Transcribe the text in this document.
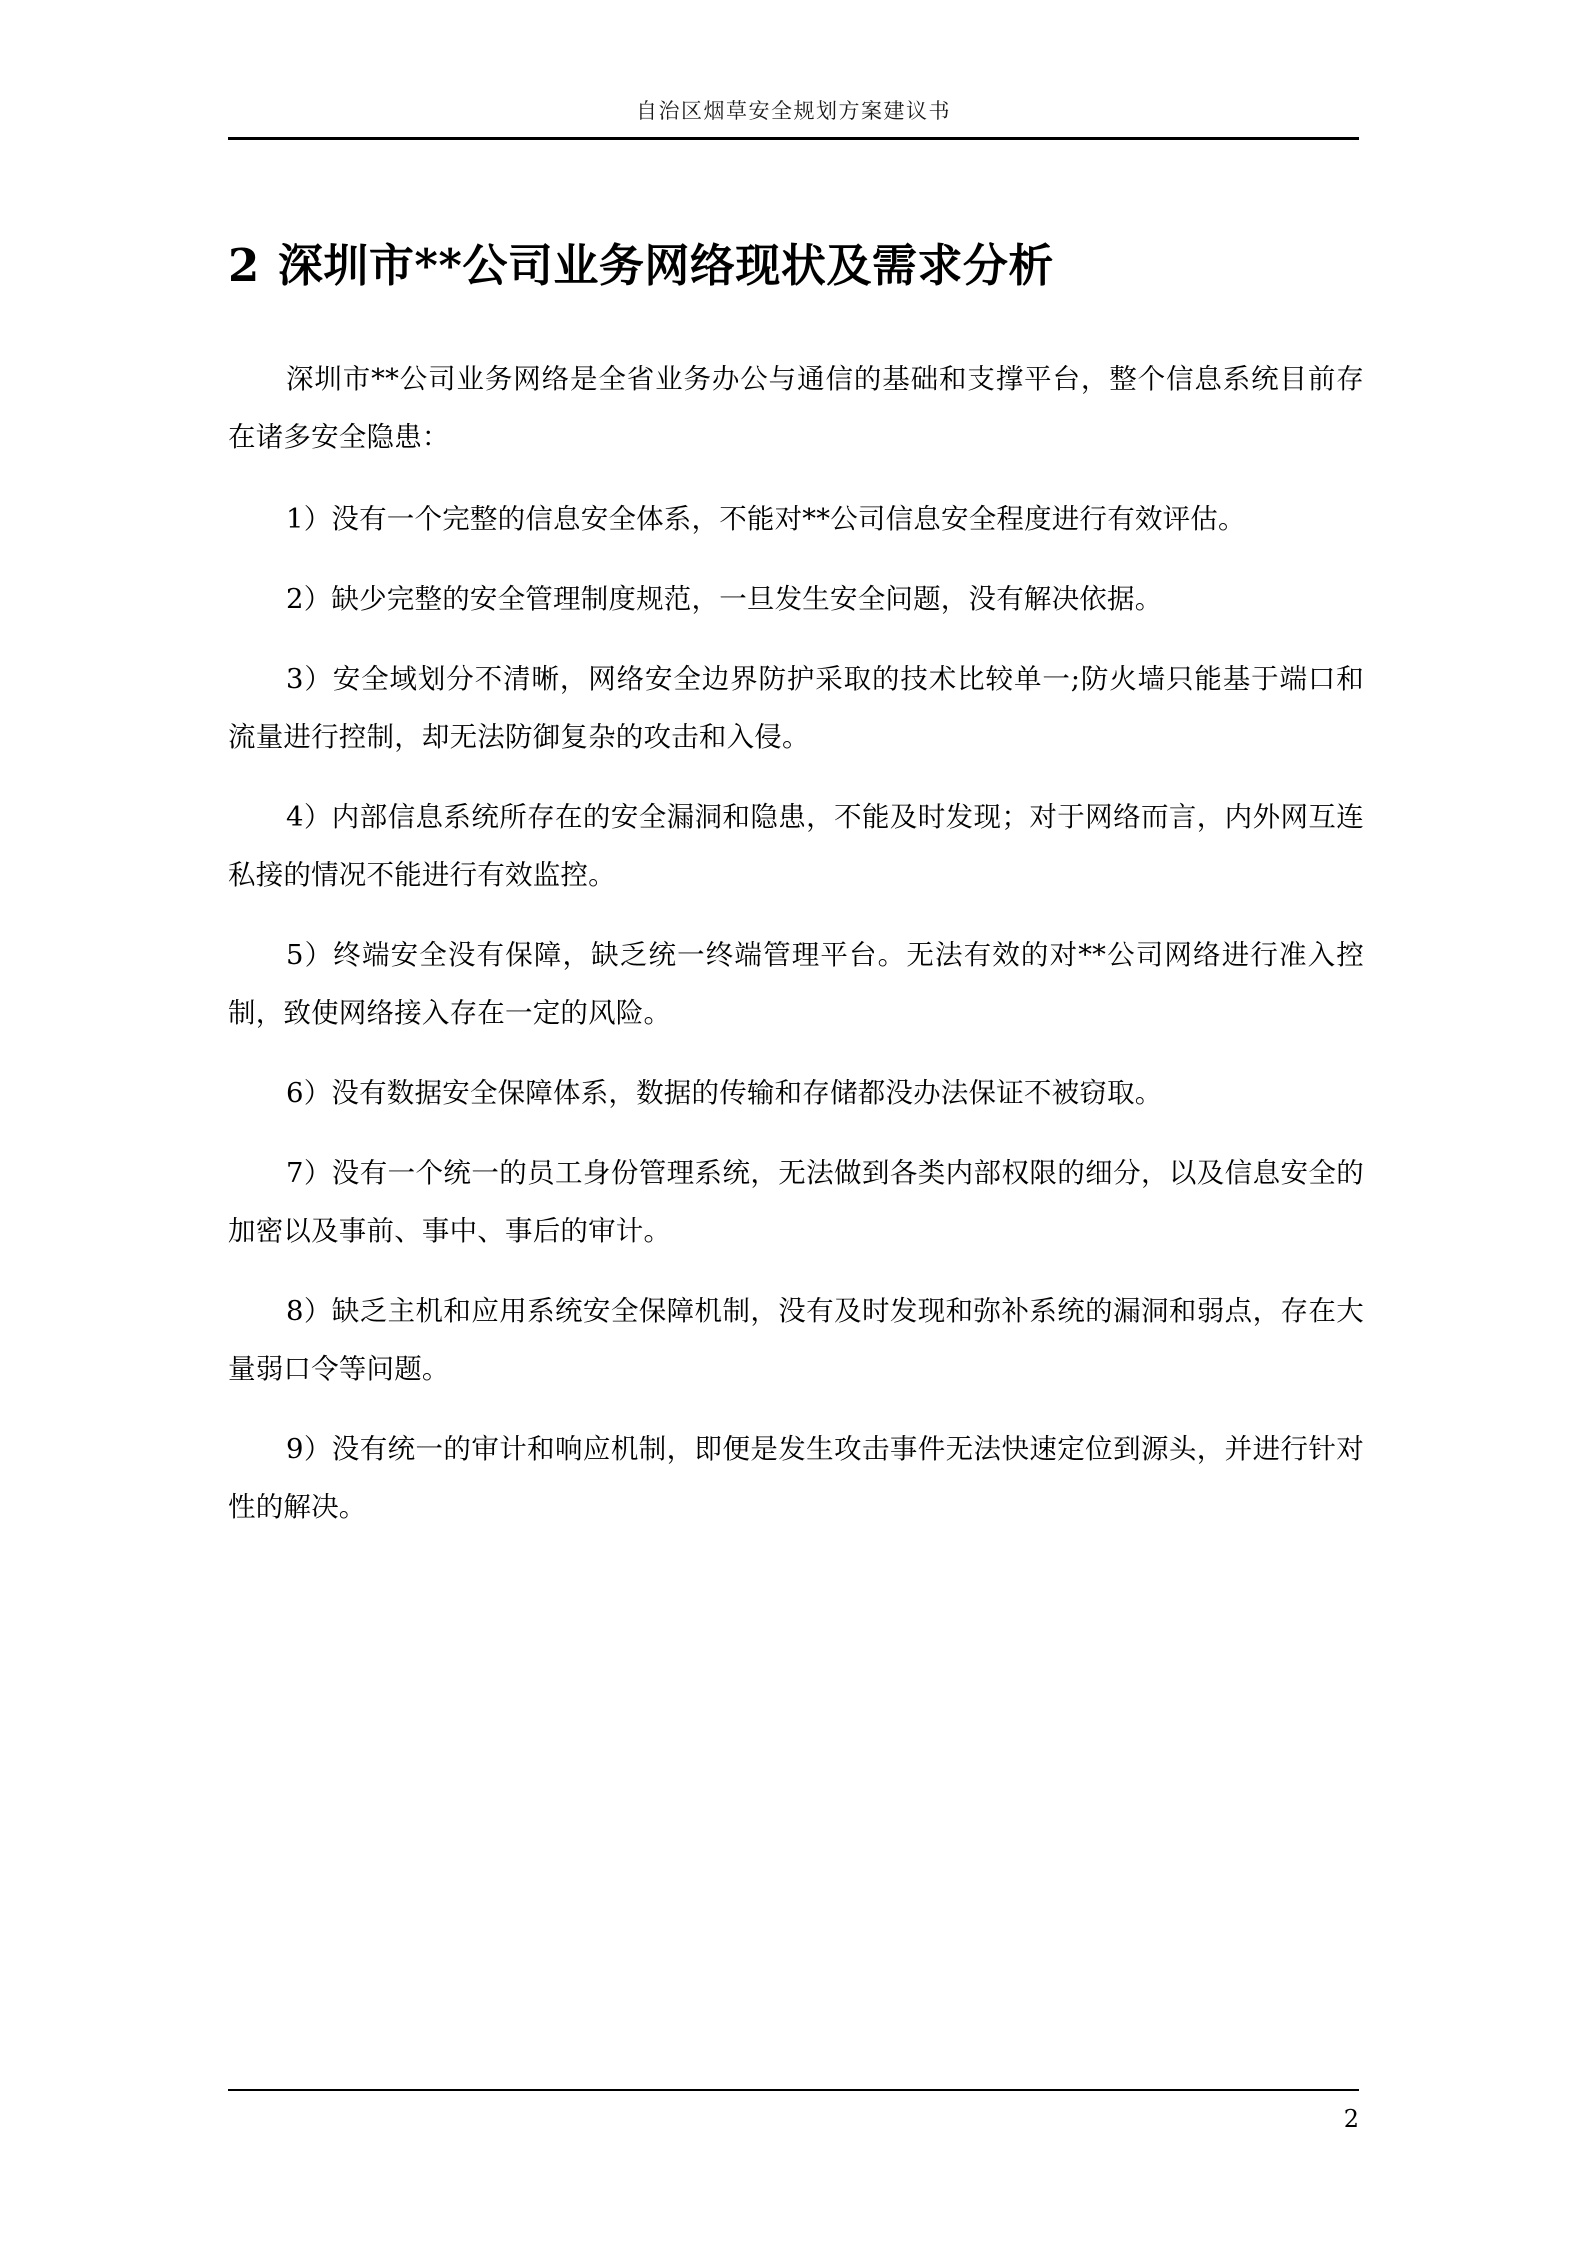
自治区烟草安全规划方案建议书
2 深圳市**公司业务网络现状及需求分析

深圳市**公司业务网络是全省业务办公与通信的基础和支撑平台，整个信息系统目前存在诸多安全隐患：

1）没有一个完整的信息安全体系，不能对**公司信息安全程度进行有效评估。

2）缺少完整的安全管理制度规范，一旦发生安全问题，没有解决依据。

3）安全域划分不清晰，网络安全边界防护采取的技术比较单一;防火墙只能基于端口和流量进行控制，却无法防御复杂的攻击和入侵。

4）内部信息系统所存在的安全漏洞和隐患，不能及时发现；对于网络而言，内外网互连私接的情况不能进行有效监控。

5）终端安全没有保障，缺乏统一终端管理平台。无法有效的对**公司网络进行准入控制，致使网络接入存在一定的风险。

6）没有数据安全保障体系，数据的传输和存储都没办法保证不被窃取。

7）没有一个统一的员工身份管理系统，无法做到各类内部权限的细分，以及信息安全的加密以及事前、事中、事后的审计。

8）缺乏主机和应用系统安全保障机制，没有及时发现和弥补系统的漏洞和弱点，存在大量弱口令等问题。

9）没有统一的审计和响应机制，即便是发生攻击事件无法快速定位到源头，并进行针对性的解决。

2
